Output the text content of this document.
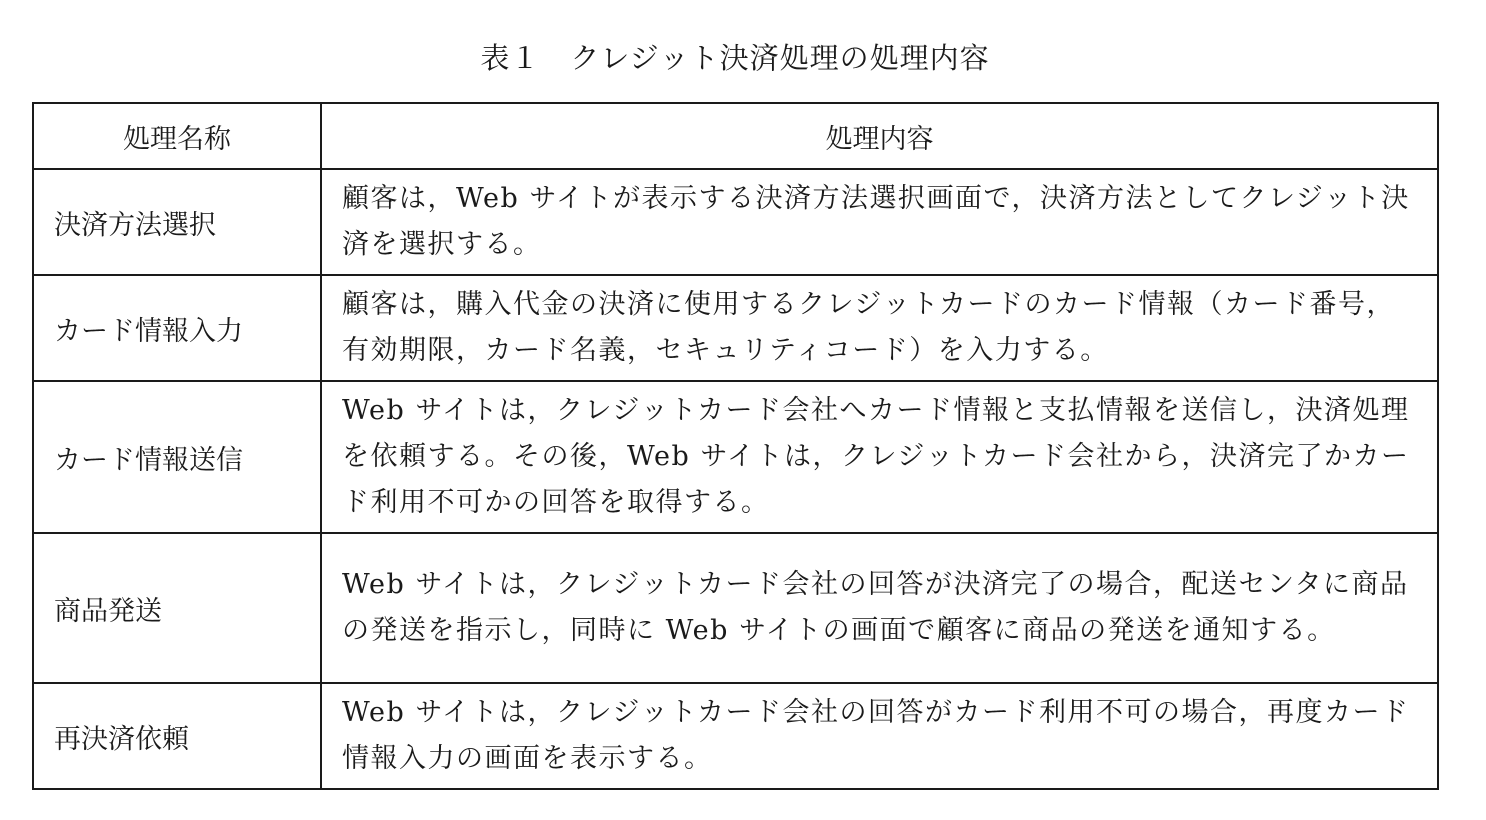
表１　クレジット決済処理の処理内容
処理名称	処理内容
決済方法選択	顧客は，Web サイトが表示する決済方法選択画面で，決済方法としてクレジット決済を選択する。
カード情報入力	顧客は，購入代金の決済に使用するクレジットカードのカード情報（カード番号，有効期限，カード名義，セキュリティコード）を入力する。
カード情報送信	Web サイトは，クレジットカード会社へカード情報と支払情報を送信し，決済処理を依頼する。その後，Web サイトは，クレジットカード会社から，決済完了かカード利用不可かの回答を取得する。
商品発送	Web サイトは，クレジットカード会社の回答が決済完了の場合，配送センタに商品の発送を指示し，同時に Web サイトの画面で顧客に商品の発送を通知する。
再決済依頼	Web サイトは，クレジットカード会社の回答がカード利用不可の場合，再度カード情報入力の画面を表示する。
